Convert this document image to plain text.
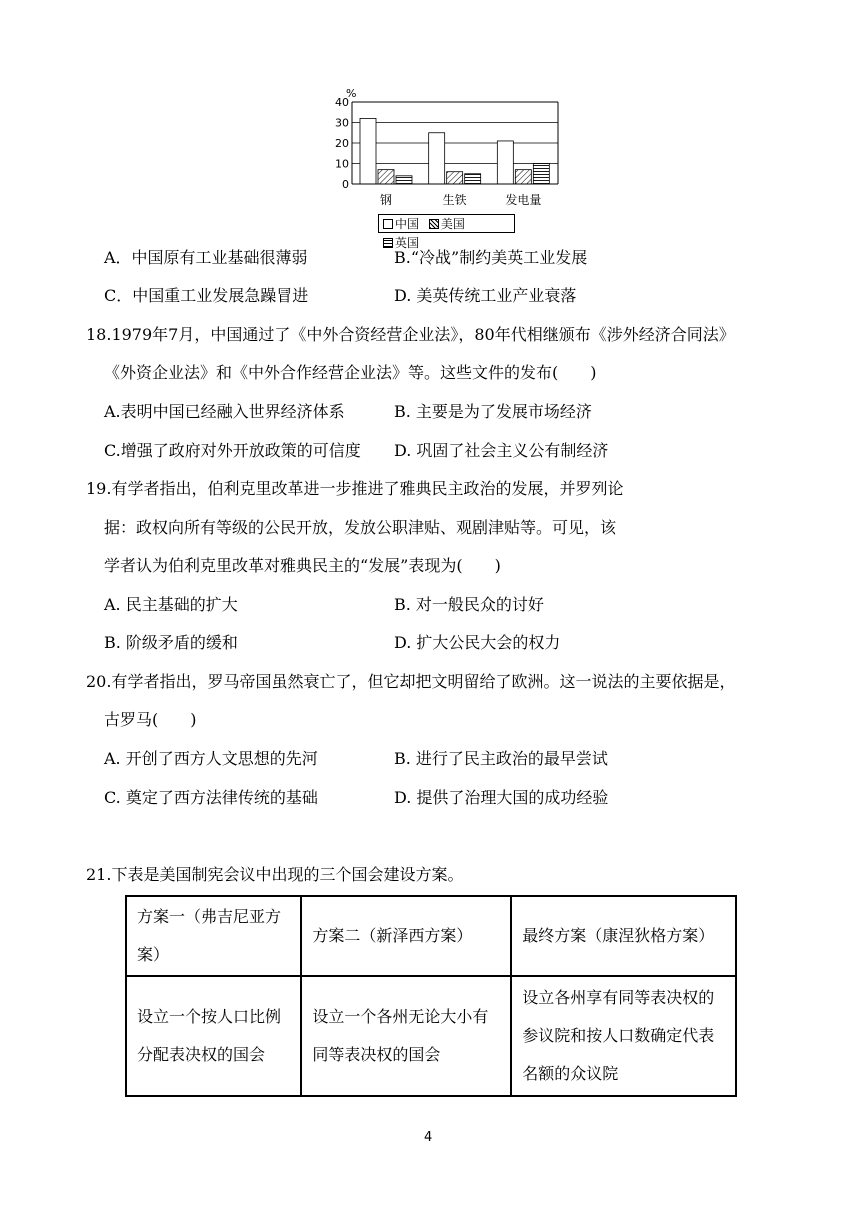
0
10
20
30
40
钢	生铁	发电量
%
中国 美国 英国
A．中国原有工业基础很薄弱	B.“冷战”制约美英工业发展
C．中国重工业发展急躁冒进	D. 美英传统工业产业衰落
18.1979年7月，中国通过了《中外合资经营企业法》，80年代相继颁布《涉外经济合同法》
《外资企业法》和《中外合作经营企业法》等。这些文件的发布(　　)
A.表明中国已经融入世界经济体系	B. 主要是为了发展市场经济
C.增强了政府对外开放政策的可信度 D. 巩固了社会主义公有制经济
19.有学者指出，伯利克里改革进一步推进了雅典民主政治的发展，并罗列论
据：政权向所有等级的公民开放，发放公职津贴、观剧津贴等。可见，该
学者认为伯利克里改革对雅典民主的“发展”表现为(　　)
A. 民主基础的扩大	B. 对一般民众的讨好
B. 阶级矛盾的缓和	D. 扩大公民大会的权力
20.有学者指出，罗马帝国虽然衰亡了，但它却把文明留给了欧洲。这一说法的主要依据是，
古罗马(　　)
A. 开创了西方人文思想的先河	B. 进行了民主政治的最早尝试
C. 奠定了西方法律传统的基础	D. 提供了治理大国的成功经验
21.下表是美国制宪会议中出现的三个国会建设方案。
方案一（弗吉尼亚方案）	方案二（新泽西方案）	最终方案（康涅狄格方案）
设立一个按人口比例分配表决权的国会	设立一个各州无论大小有同等表决权的国会	设立各州享有同等表决权的参议院和按人口数确定代表名额的众议院
4
